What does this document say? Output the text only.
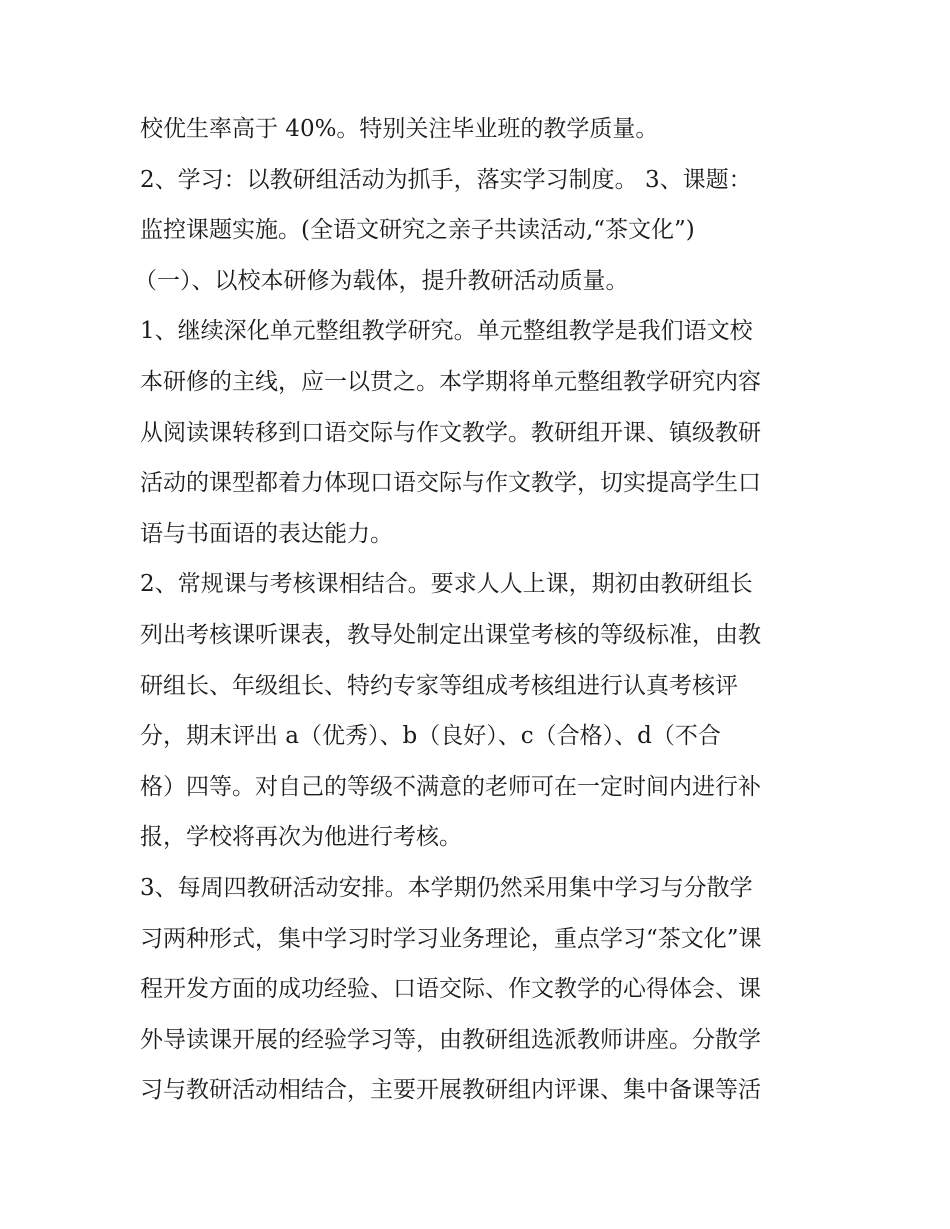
校优生率高于 40%。特别关注毕业班的教学质量。
2、学习：以教研组活动为抓手，落实学习制度。 3、课题：
监控课题实施。(全语文研究之亲子共读活动,“茶文化”)
（一）、以校本研修为载体，提升教研活动质量。
1、继续深化单元整组教学研究。单元整组教学是我们语文校
本研修的主线，应一以贯之。本学期将单元整组教学研究内容
从阅读课转移到口语交际与作文教学。教研组开课、镇级教研
活动的课型都着力体现口语交际与作文教学，切实提高学生口
语与书面语的表达能力。
2、常规课与考核课相结合。要求人人上课，期初由教研组长
列出考核课听课表，教导处制定出课堂考核的等级标准，由教
研组长、年级组长、特约专家等组成考核组进行认真考核评
分，期末评出 a（优秀）、b（良好）、c（合格）、d（不合
格）四等。对自己的等级不满意的老师可在一定时间内进行补
报，学校将再次为他进行考核。
3、每周四教研活动安排。本学期仍然采用集中学习与分散学
习两种形式，集中学习时学习业务理论，重点学习“茶文化”课
程开发方面的成功经验、口语交际、作文教学的心得体会、课
外导读课开展的经验学习等，由教研组选派教师讲座。分散学
习与教研活动相结合，主要开展教研组内评课、集中备课等活
